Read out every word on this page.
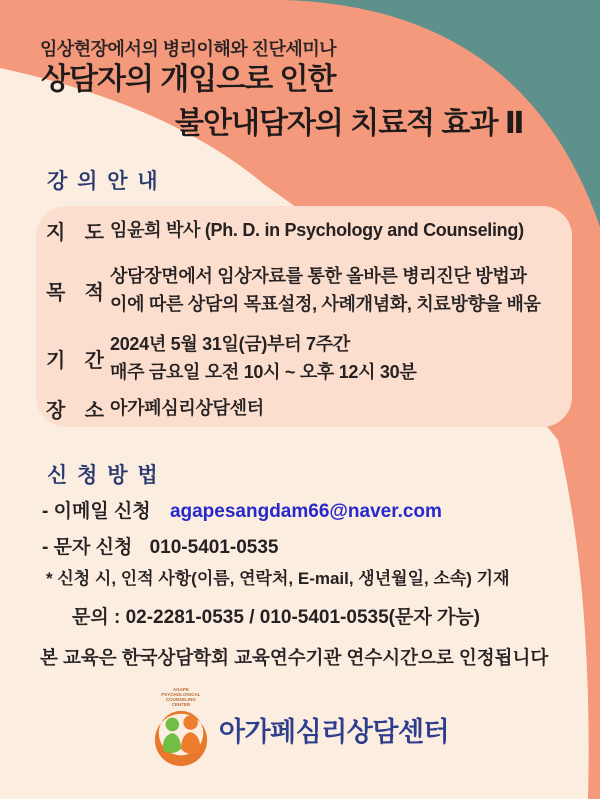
임상현장에서의 병리이해와 진단세미나
상담자의 개입으로 인한
불안내담자의 치료적 효과 Ⅱ
강 의 안 내
지 도 임윤희 박사 (Ph. D. in Psychology and Counseling)
목 적
상담장면에서 임상자료를 통한 올바른 병리진단 방법과
이에 따른 상담의 목표설정, 사례개념화, 치료방향을 배움
기 간
2024년 5월 31일(금)부터 7주간
매주 금요일 오전 10시 ~ 오후 12시 30분
장 소 아가페심리상담센터
신 청 방 법
- 이메일 신청 agapesangdam66@naver.com
- 문자 신청 010-5401-0535
* 신청 시, 인적 사항(이름, 연락처, E-mail, 생년월일, 소속) 기재
문의 : 02-2281-0535 / 010-5401-0535(문자 가능)
본 교육은 한국상담학회 교육연수기관 연수시간으로 인정됩니다
AGAPE PSYCHOLOGICAL COUNSELING CENTER
아가페심리상담센터
